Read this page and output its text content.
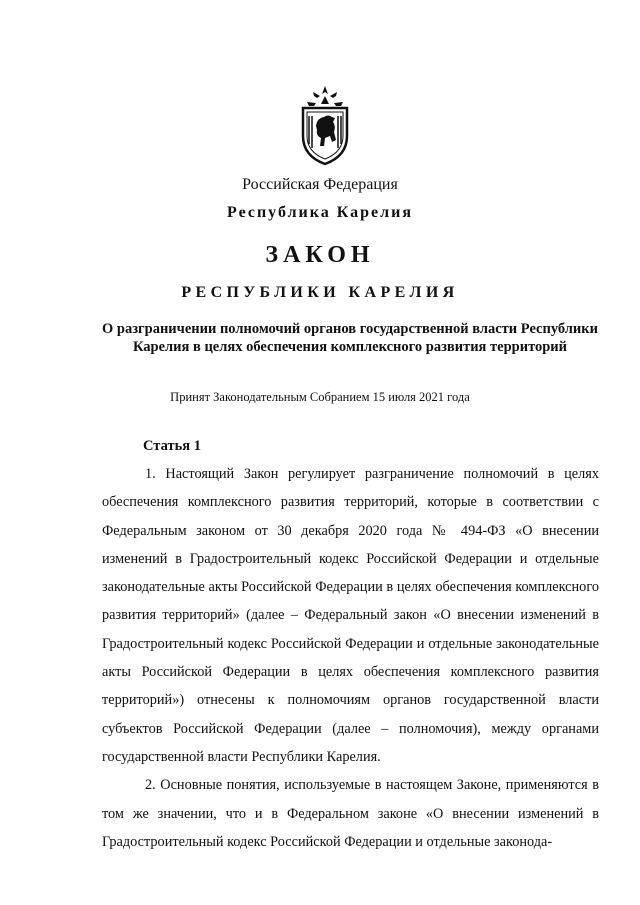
Российская Федерация
Республика Карелия
ЗАКОН
РЕСПУБЛИКИ КАРЕЛИЯ
О разграничении полномочий органов государственной власти Республики Карелия в целях обеспечения комплексного развития территорий
Принят Законодательным Собранием 15 июля 2021 года
Статья 1

1. Настоящий Закон регулирует разграничение полномочий в целях обеспечения комплексного развития территорий, которые в соответствии с Федеральным законом от 30 декабря 2020 года № 494-ФЗ «О внесении изменений в Градостроительный кодекс Российской Федерации и отдельные законодательные акты Российской Федерации в целях обеспечения комплексного развития территорий» (далее – Федеральный закон «О внесении изменений в Градостроительный кодекс Российской Федерации и отдельные законодательные акты Российской Федерации в целях обеспечения комплексного развития территорий») отнесены к полномочиям органов государственной власти субъектов Российской Федерации (далее – полномочия), между органами государственной власти Республики Карелия.

2. Основные понятия, используемые в настоящем Законе, применяются в том же значении, что и в Федеральном законе «О внесении изменений в Градостроительный кодекс Российской Федерации и отдельные законода-
